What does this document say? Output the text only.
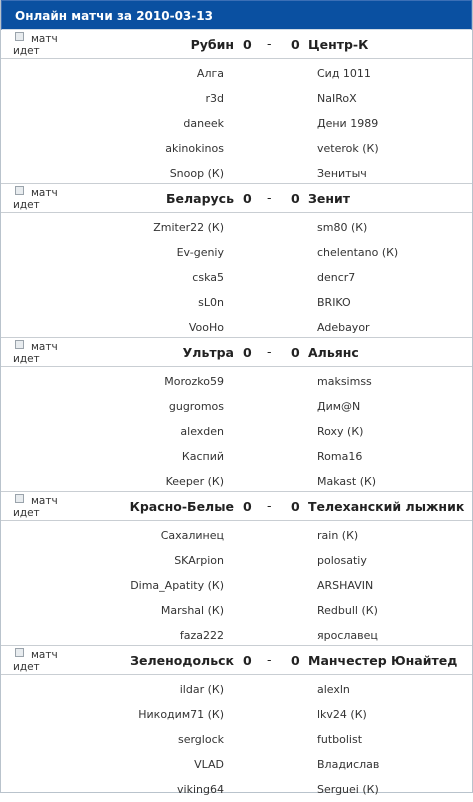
Онлайн матчи за 2010-03-13
матч
идет	Рубин 0 - 0 Центр-К
Алга	Сид 1011
r3d	NaIRoX
daneek	Дени 1989
akinokinos	veterok (К)
Snoop (К)	Зенитыч
матч
идет	Беларусь 0 - 0 Зенит
Zmiter22 (К)	sm80 (К)
Ev-geniy	chelentano (К)
cska5	dencr7
sL0n	BRIKO
VooHo	Adebayor
матч
идет	Ультра 0 - 0 Альянс
Morozko59	maksimss
gugromos	Дим@N
alexden	Roxy (К)
Каспий	Roma16
Keeper (К)	Makast (К)
матч
идет	Красно-Белые 0 - 0 Телеханский лыжник
Сахалинец	rain (К)
SKArpion	polosatiy
Dima_Apatity (К)	ARSHAVIN
Marshal (К)	Redbull (К)
faza222	ярославец
матч
идет	Зеленодольск 0 - 0 Манчестер Юнайтед
ildar (К)	alexln
Никодим71 (К)	lkv24 (К)
serglock	futbolist
VLAD	Владислав
viking64	Serguei (К)
